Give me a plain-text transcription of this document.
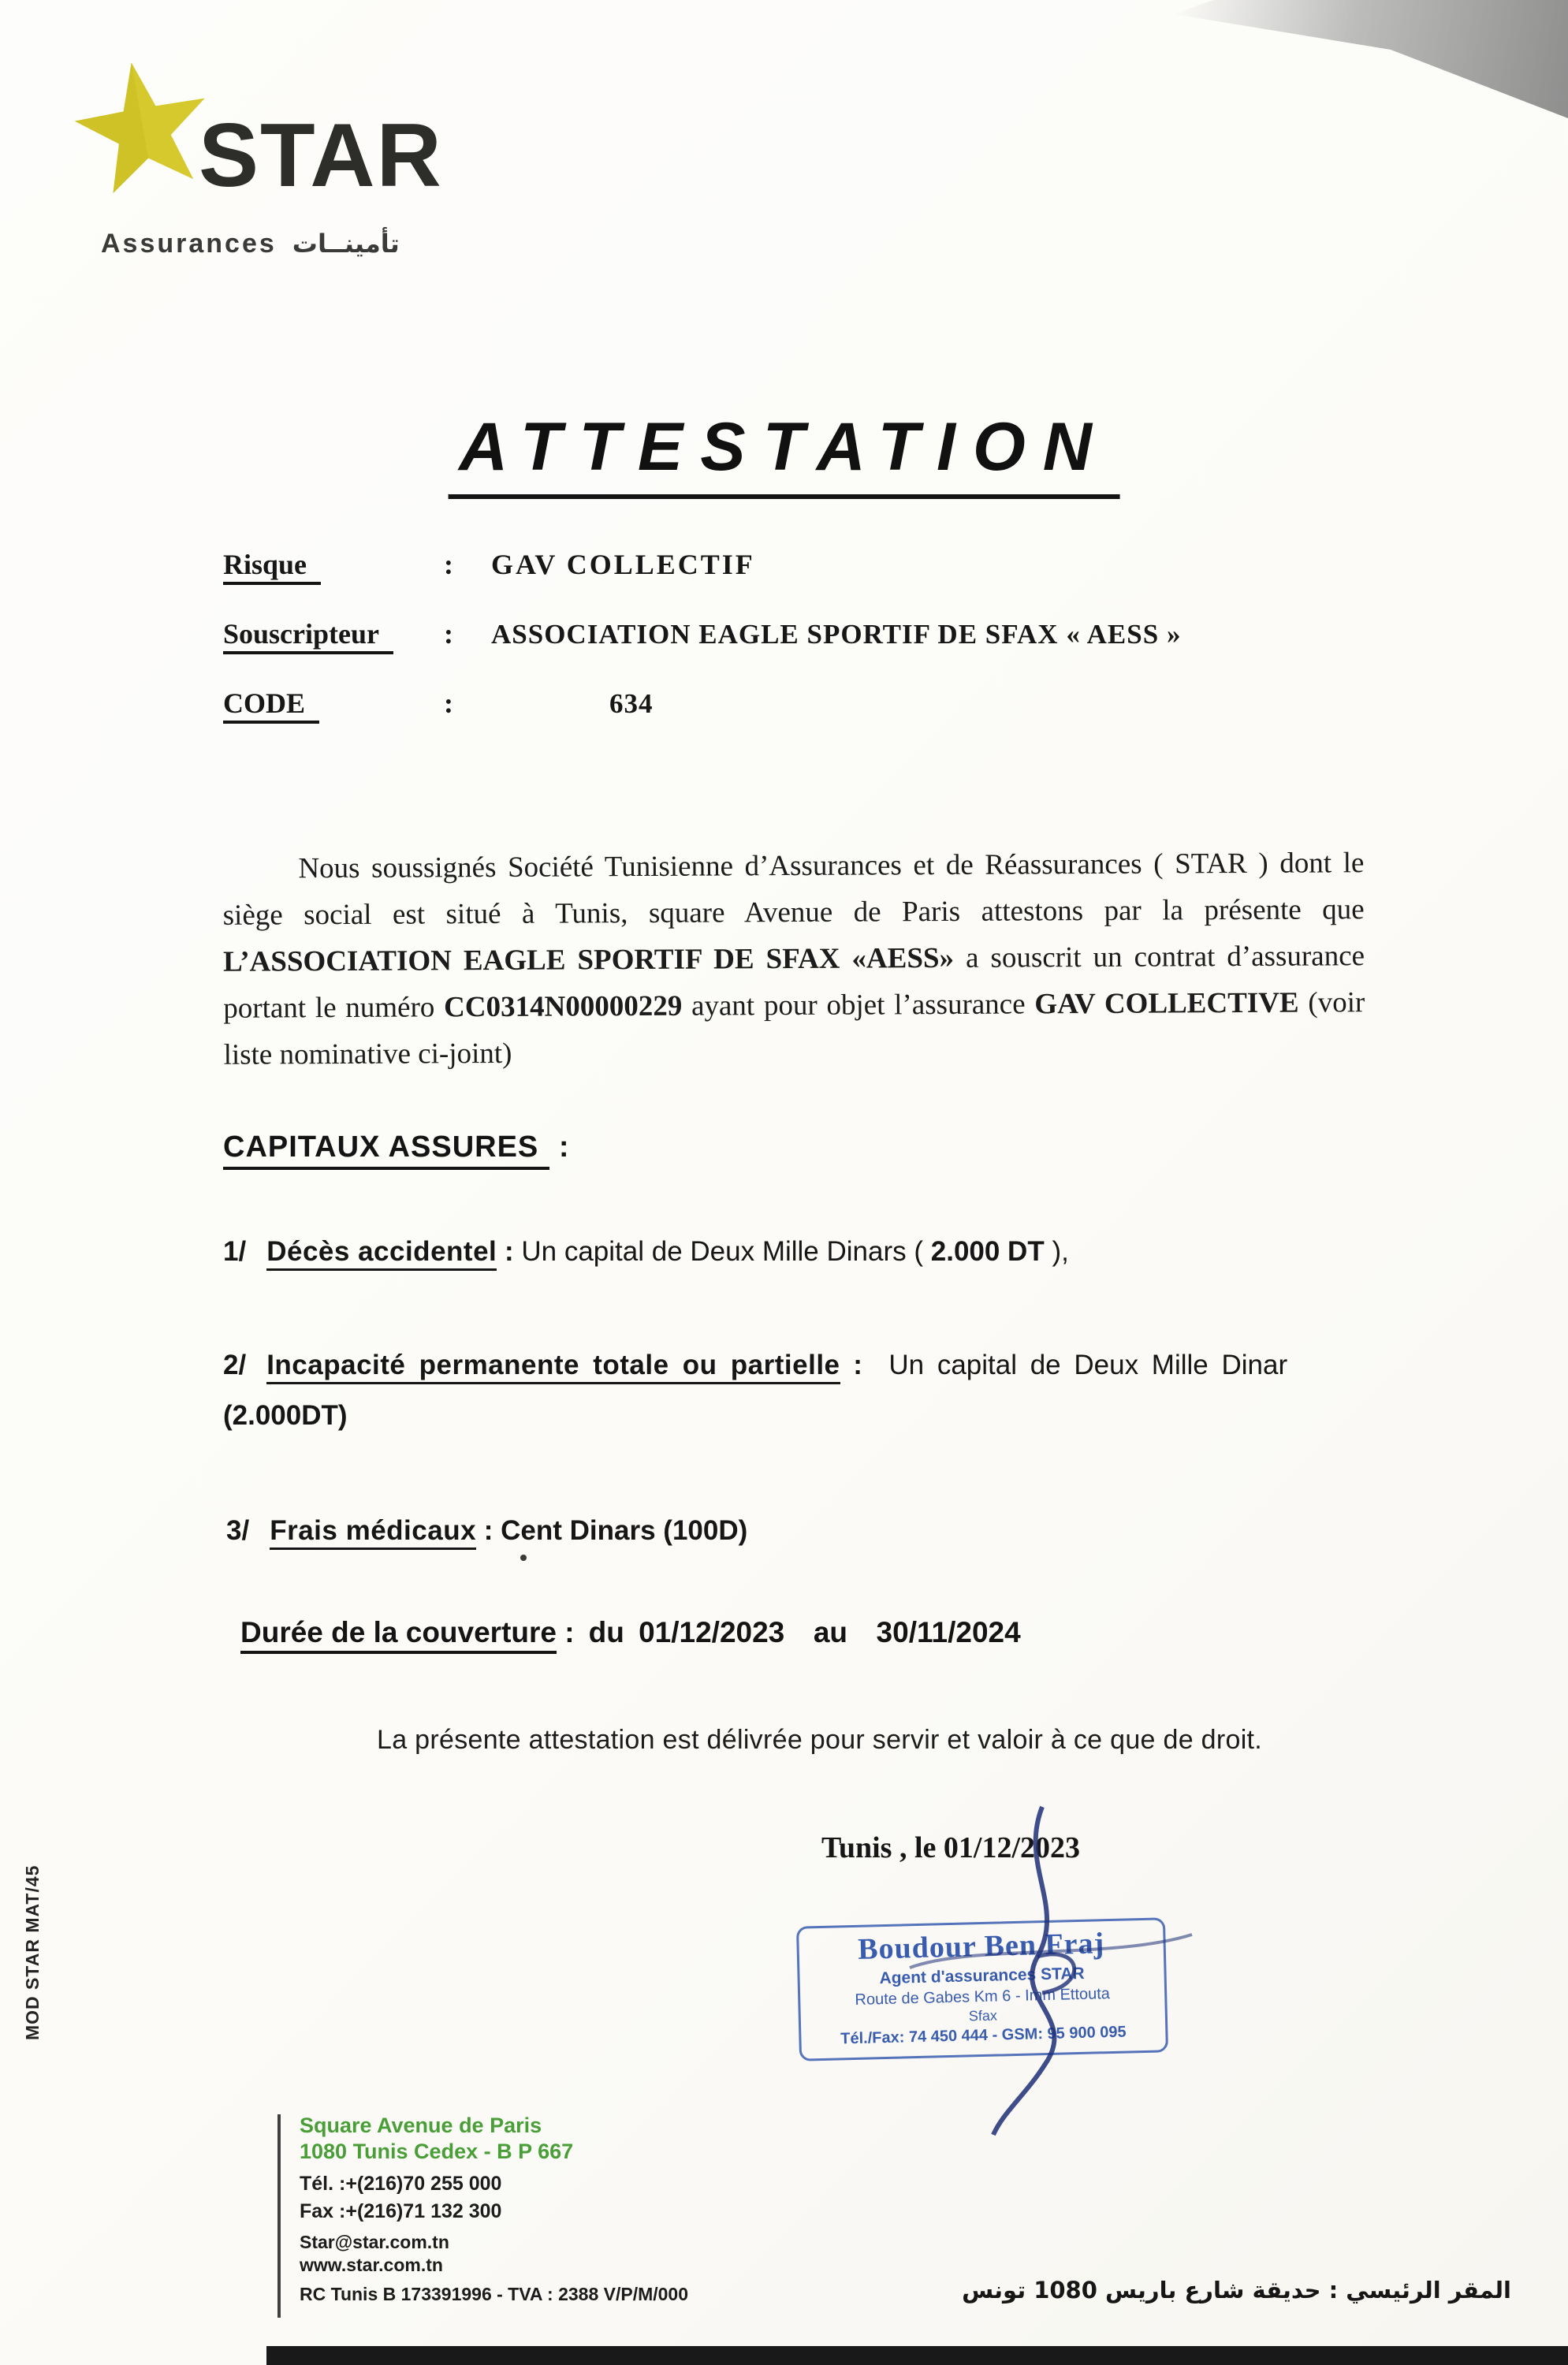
STAR
Assurances تأمينــات
ATTESTATION
Risque	: GAV COLLECTIF
Souscripteur : ASSOCIATION EAGLE SPORTIF DE SFAX « AESS »
CODE	:	634

Nous soussignés Société Tunisienne d’Assurances et de Réassurances ( STAR ) dont le siège social est situé à Tunis, square Avenue de Paris attestons par la présente que L’ASSOCIATION EAGLE SPORTIF DE SFAX «AESS» a souscrit un contrat d’assurance portant le numéro CC0314N00000229 ayant pour objet l’assurance GAV COLLECTIVE (voir liste nominative ci-joint)

CAPITAUX ASSURES :
1/ Décès accidentel : Un capital de Deux Mille Dinars ( 2.000 DT ),
2/ Incapacité permanente totale ou partielle :  Un capital de Deux Mille Dinar
(2.000DT)
3/ Frais médicaux : Cent Dinars (100D)
Durée de la couverture : du 01/12/2023  au  30/11/2024
La présente attestation est délivrée pour servir et valoir à ce que de droit.
Tunis , le 01/12/2023
Boudour Ben Fraj
Agent d'assurances STAR
Route de Gabes Km 6 - Imm Ettouta
Sfax
Tél./Fax: 74 450 444 - GSM: 95 900 095
MOD STAR MAT/45
Square Avenue de Paris
1080 Tunis Cedex - B P 667
Tél. :+(216)70 255 000
Fax :+(216)71 132 300
Star@star.com.tn
www.star.com.tn
RC Tunis B 173391996 - TVA : 2388 V/P/M/000	المقر الرئيسي : حديقة شارع باريس 1080 تونس
